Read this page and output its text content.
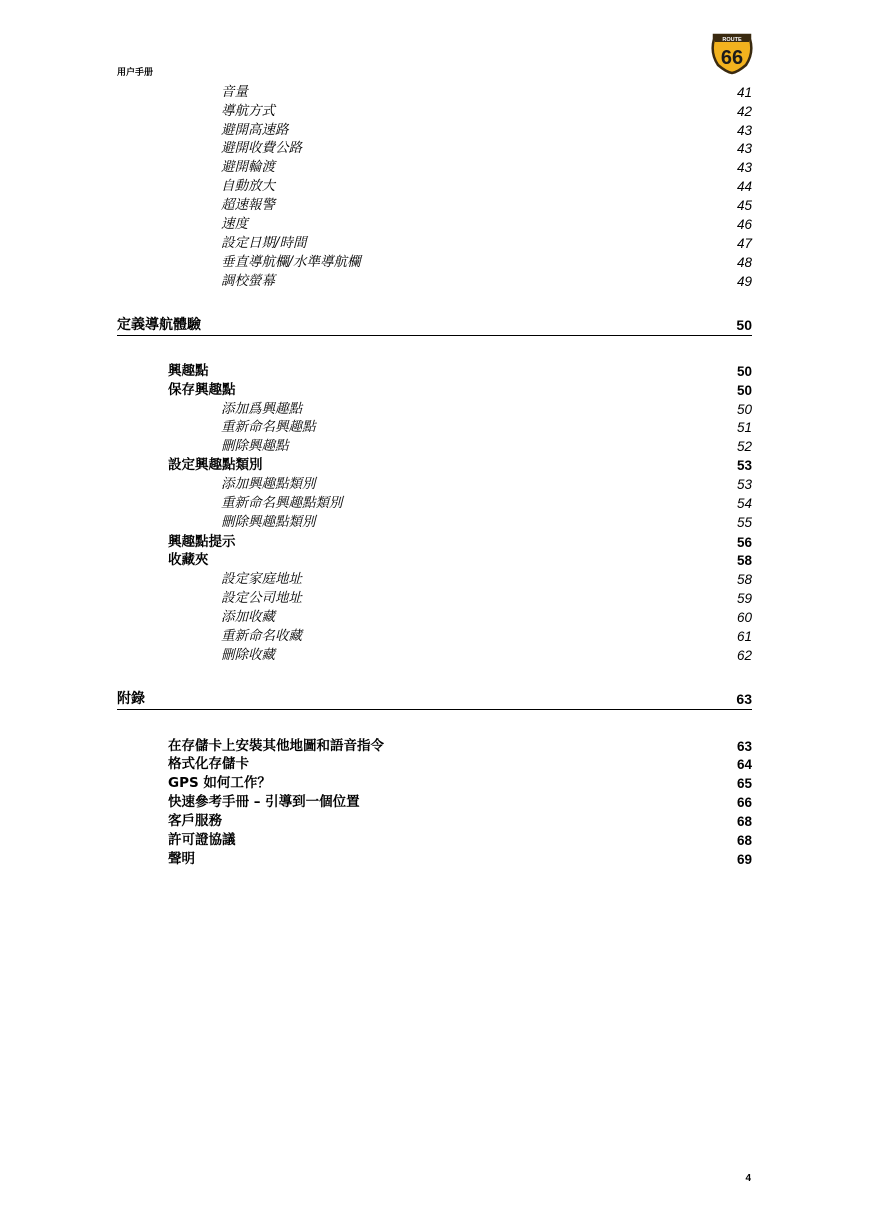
用户手册
ROUTE
66
音量	41
導航方式	42
避開高速路	43
避開收費公路	43
避開輪渡	43
自動放大	44
超速報警	45
速度	46
設定日期/時間	47
垂直導航欄/水準導航欄	48
調校螢幕	49
定義導航體驗	50
興趣點	50
保存興趣點	50
添加爲興趣點	50
重新命名興趣點	51
刪除興趣點	52
設定興趣點類別	53
添加興趣點類別	53
重新命名興趣點類別	54
刪除興趣點類別	55
興趣點提示	56
收藏夾	58
設定家庭地址	58
設定公司地址	59
添加收藏	60
重新命名收藏	61
刪除收藏	62
附錄	63
在存儲卡上安裝其他地圖和語音指令	63
格式化存儲卡	64
GPS 如何工作？	65
快速參考手冊 – 引導到一個位置	66
客戶服務	68
許可證協議	68
聲明	69
4
